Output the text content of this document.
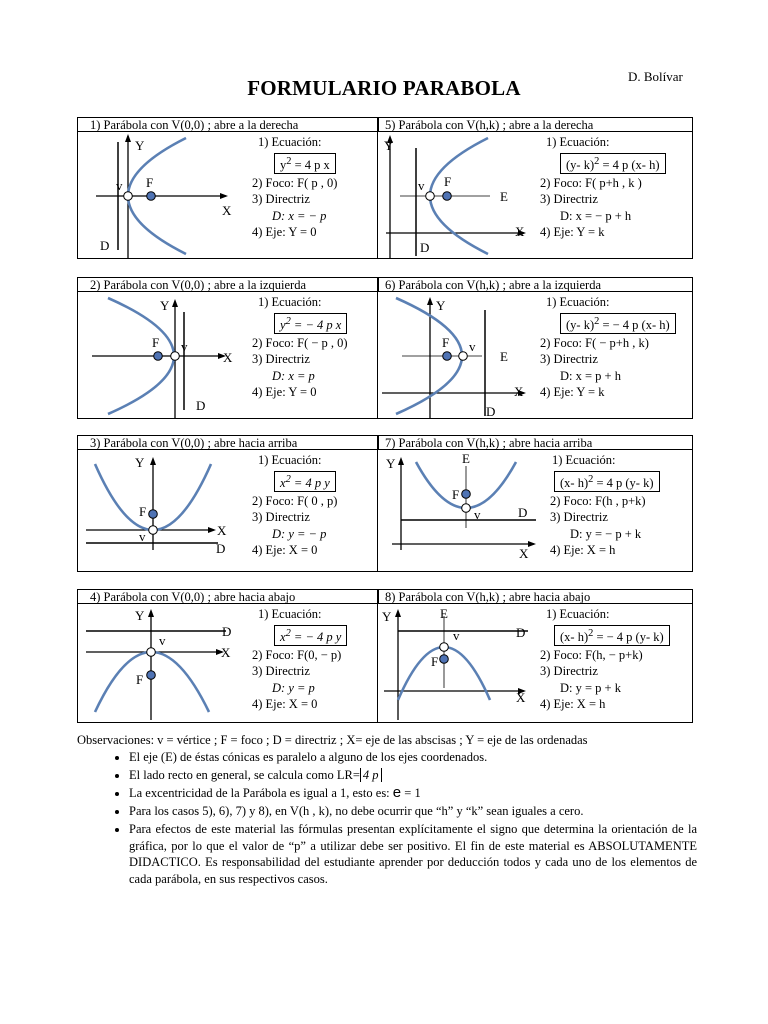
D. Bolívar
FORMULARIO PARABOLA
1) Parábola con V(0,0) ; abre a la derecha	5) Parábola con V(h,k) ; abre a la derecha
Y
X
v F
D
1) Ecuación:
$y^2 = 4$ p x
2) Foco: F( p , 0)
3) Directriz
D: x = − p
4) Eje: Y = 0
Y
X
v F
E
D
1) Ecuación:
(y- k)$^2$ = 4 p (x- h)
2) Foco: F( p+h , k )
3) Directriz
D: x = − p + h
4) Eje: Y = k
2) Parábola con V(0,0) ; abre a la izquierda	6) Parábola con V(h,k) ; abre a la izquierda
Y
X
v
F
D
1) Ecuación:
$y^2$ = − 4 p x
2) Foco: F( − p , 0)
3) Directriz
D: x = p
4) Eje: Y = 0
Y
X
v
F
E
D
1) Ecuación:
(y- k)$^2$ = − 4 p (x- h)
2) Foco: F( − p+h , k)
3) Directriz
D: x = p + h
4) Eje: Y = k
3) Parábola con V(0,0) ; abre hacia arriba	7) Parábola con V(h,k) ; abre hacia arriba
Y
X
v
F
D
1) Ecuación:
$x^2 = 4$ p y
2) Foco: F( 0 , p)
3) Directriz
D: y = − p
4) Eje: X = 0
Y
X
v
F
E
D
1) Ecuación:
(x- h)$^2$ = 4 p (y- k)
2) Foco: F(h , p+k)
3) Directriz
D: y = − p + k
4) Eje: X = h
4) Parábola con V(0,0) ; abre hacia abajo	8) Parábola con V(h,k) ; abre hacia abajo
Y
X
v
F
D
1) Ecuación:
$x^2$ = − 4 p y
2) Foco: F(0, − p)
3) Directriz
D: y = p
4) Eje: X = 0
Y
X
v
F
E
D
1) Ecuación:
(x- h)$^2$ = − 4 p (y- k)
2) Foco: F(h, − p+k)
3) Directriz
D: y = p + k
4) Eje: X = h
Observaciones: v = vértice ; F = foco ; D = directriz ; X= eje de las abscisas ; Y = eje de las ordenadas
• El eje (E) de éstas cónicas es paralelo a alguno de los ejes coordenados.
• El lado recto en general, se calcula como LR= 4 p
• La excentricidad de la Parábola es igual a 1, esto es: e = 1
• Para los casos 5), 6), 7) y 8), en V(h , k), no debe ocurrir que “h” y “k” sean iguales a cero.
• Para efectos de este material las fórmulas presentan explícitamente el signo que determina la orientación de la gráfica, por lo que el valor de “p” a utilizar debe ser positivo. El fin de este material es ABSOLUTAMENTE DIDACTICO. Es responsabilidad del estudiante aprender por deducción todos y cada uno de los elementos de cada parábola, en sus respectivos casos.
